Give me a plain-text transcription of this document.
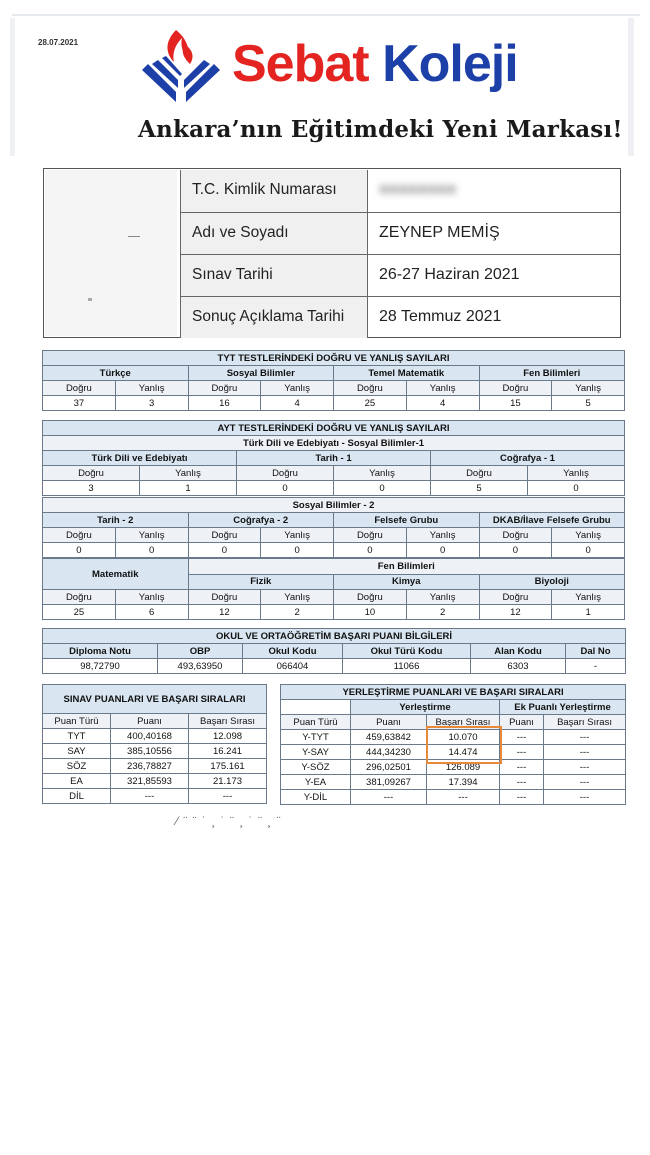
28.07.2021	Sebat Koleji
Ankara’nın Eğitimdeki Yeni Markası!
T.C. Kimlik Numarası	●●●●●●●●
Adı ve Soyadı	ZEYNEP MEMİŞ
Sınav Tarihi	26-27 Haziran 2021
Sonuç Açıklama Tarihi	28 Temmuz 2021
TYT TESTLERİNDEKİ DOĞRU VE YANLIŞ SAYILARI							
Türkçe		Sosyal Bilimler		Temel Matematik		Fen Bilimleri	
Doğru	Yanlış	Doğru	Yanlış	Doğru	Yanlış	Doğru	Yanlış
37	3	16	4	25	4	15	5
AYT TESTLERİNDEKİ DOĞRU VE YANLIŞ SAYILARI					
Türk Dili ve Edebiyatı - Sosyal Bilimler-1					
Türk Dili ve Edebiyatı		Tarih - 1		Coğrafya - 1	
Doğru	Yanlış	Doğru	Yanlış	Doğru	Yanlış
3	1	0	0	5	0
Sosyal Bilimler - 2							
Tarih - 2		Coğrafya - 2		Felsefe Grubu		DKAB/İlave Felsefe Grubu	
Doğru	Yanlış	Doğru	Yanlış	Doğru	Yanlış	Doğru	Yanlış
0	0	0	0	0	0	0	0
Matematik		Fen Bilimleri					
		Fizik		Kimya		Biyoloji	
Doğru	Yanlış	Doğru	Yanlış	Doğru	Yanlış	Doğru	Yanlış
25	6	12	2	10	2	12	1
OKUL VE ORTAÖĞRETİM BAŞARI PUANI BİLGİLERİ					
Diploma Notu	OBP	Okul Kodu	Okul Türü Kodu	Alan Kodu	Dal No
98,72790	493,63950	066404	11066	6303	-
SINAV PUANLARI VE BAŞARI SIRALARI		
Puan Türü	Puanı	Başarı Sırası
TYT	400,40168	12.098
SAY	385,10556	16.241
SÖZ	236,78827	175.161
EA	321,85593	21.173
DİL	---	---
YERLEŞTİRME PUANLARI VE BAŞARI SIRALARI				
	Yerleştirme		Ek Puanlı Yerleştirme	
Puan Türü	Puanı	Başarı Sırası	Puanı	Başarı Sırası
Y-TYT	459,63842	10.070	---	---
Y-SAY	444,34230	14.474	---	---
Y-SÖZ	296,02501	126.089	---	---
Y-EA	381,09267	17.394	---	---
Y-DİL	---	---	---	---
⁄ ¨ ¨ ˙ ¸ ˙ ¨ ¸ ˙ ¨ ¸ ¨
